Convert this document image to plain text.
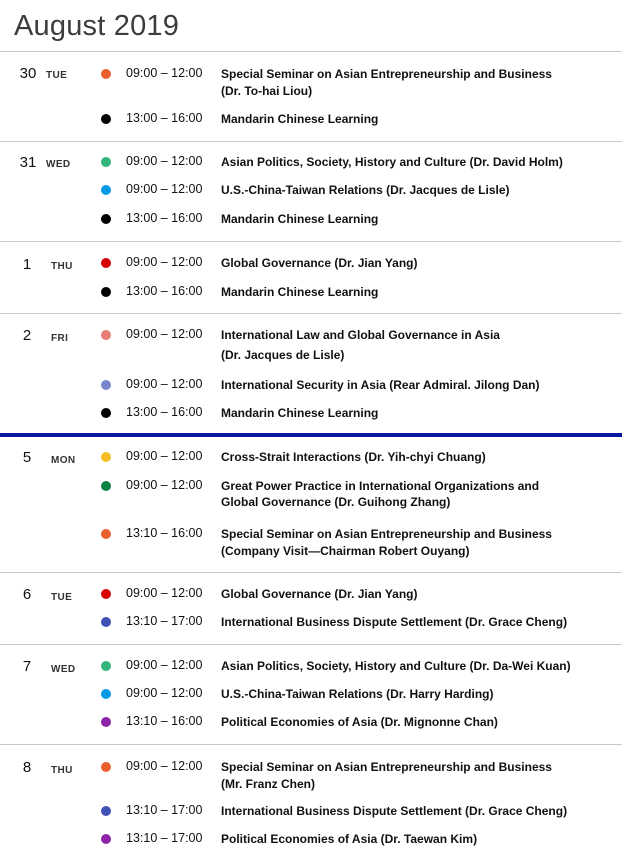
August 2019
30 TUE	09:00 – 12:00 Special Seminar on Asian Entrepreneurship and Business
(Dr. To-hai Liou)
13:00 – 16:00 Mandarin Chinese Learning
31 WED	09:00 – 12:00 Asian Politics, Society, History and Culture (Dr. David Holm)
09:00 – 12:00 U.S.-China-Taiwan Relations (Dr. Jacques de Lisle)
13:00 – 16:00 Mandarin Chinese Learning
1	THU	09:00 – 12:00 Global Governance (Dr. Jian Yang)
13:00 – 16:00 Mandarin Chinese Learning
2	FRI	09:00 – 12:00 International Law and Global Governance in Asia
(Dr. Jacques de Lisle)
09:00 – 12:00 International Security in Asia (Rear Admiral. Jilong Dan)
13:00 – 16:00 Mandarin Chinese Learning
5	MON	09:00 – 12:00 Cross-Strait Interactions (Dr. Yih-chyi Chuang)
09:00 – 12:00 Great Power Practice in International Organizations and
Global Governance (Dr. Guihong Zhang)
13:10 – 16:00 Special Seminar on Asian Entrepreneurship and Business
(Company Visit—Chairman Robert Ouyang)
6	TUE	09:00 – 12:00 Global Governance (Dr. Jian Yang)
13:10 – 17:00 International Business Dispute Settlement (Dr. Grace Cheng)
7	WED	09:00 – 12:00 Asian Politics, Society, History and Culture (Dr. Da-Wei Kuan)
09:00 – 12:00 U.S.-China-Taiwan Relations (Dr. Harry Harding)
13:10 – 16:00 Political Economies of Asia (Dr. Mignonne Chan)
8	THU	09:00 – 12:00 Special Seminar on Asian Entrepreneurship and Business
(Mr. Franz Chen)
13:10 – 17:00 International Business Dispute Settlement (Dr. Grace Cheng)
13:10 – 17:00 Political Economies of Asia (Dr. Taewan Kim)
